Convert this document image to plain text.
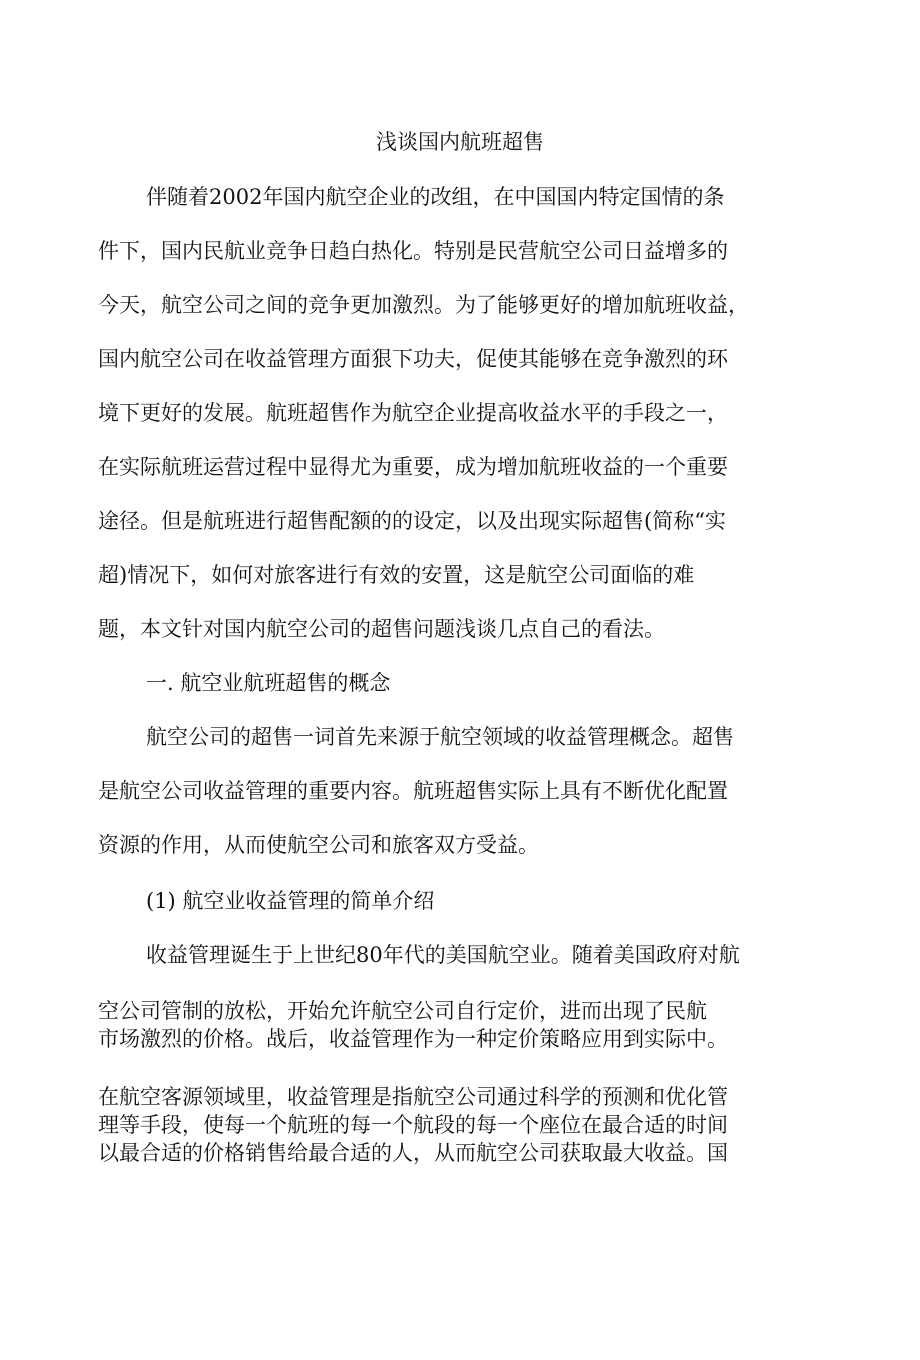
浅谈国内航班超售

伴随着2002年国内航空企业的改组，在中国国内特定国情的条

件下，国内民航业竞争日趋白热化。特别是民营航空公司日益增多的

今天，航空公司之间的竞争更加激烈。为了能够更好的增加航班收益，

国内航空公司在收益管理方面狠下功夫，促使其能够在竞争激烈的环

境下更好的发展。航班超售作为航空企业提高收益水平的手段之一，

在实际航班运营过程中显得尤为重要，成为增加航班收益的一个重要

途径。但是航班进行超售配额的的设定，以及出现实际超售(简称“实

超)情况下，如何对旅客进行有效的安置，这是航空公司面临的难

题，本文针对国内航空公司的超售问题浅谈几点自己的看法。

一. 航空业航班超售的概念

航空公司的超售一词首先来源于航空领域的收益管理概念。超售

是航空公司收益管理的重要内容。航班超售实际上具有不断优化配置

资源的作用，从而使航空公司和旅客双方受益。

(1) 航空业收益管理的简单介绍

收益管理诞生于上世纪80年代的美国航空业。随着美国政府对航

空公司管制的放松，开始允许航空公司自行定价，进而出现了民航

市场激烈的价格。战后，收益管理作为一种定价策略应用到实际中。

在航空客源领域里，收益管理是指航空公司通过科学的预测和优化管

理等手段，使每一个航班的每一个航段的每一个座位在最合适的时间

以最合适的价格销售给最合适的人，从而航空公司获取最大收益。国
